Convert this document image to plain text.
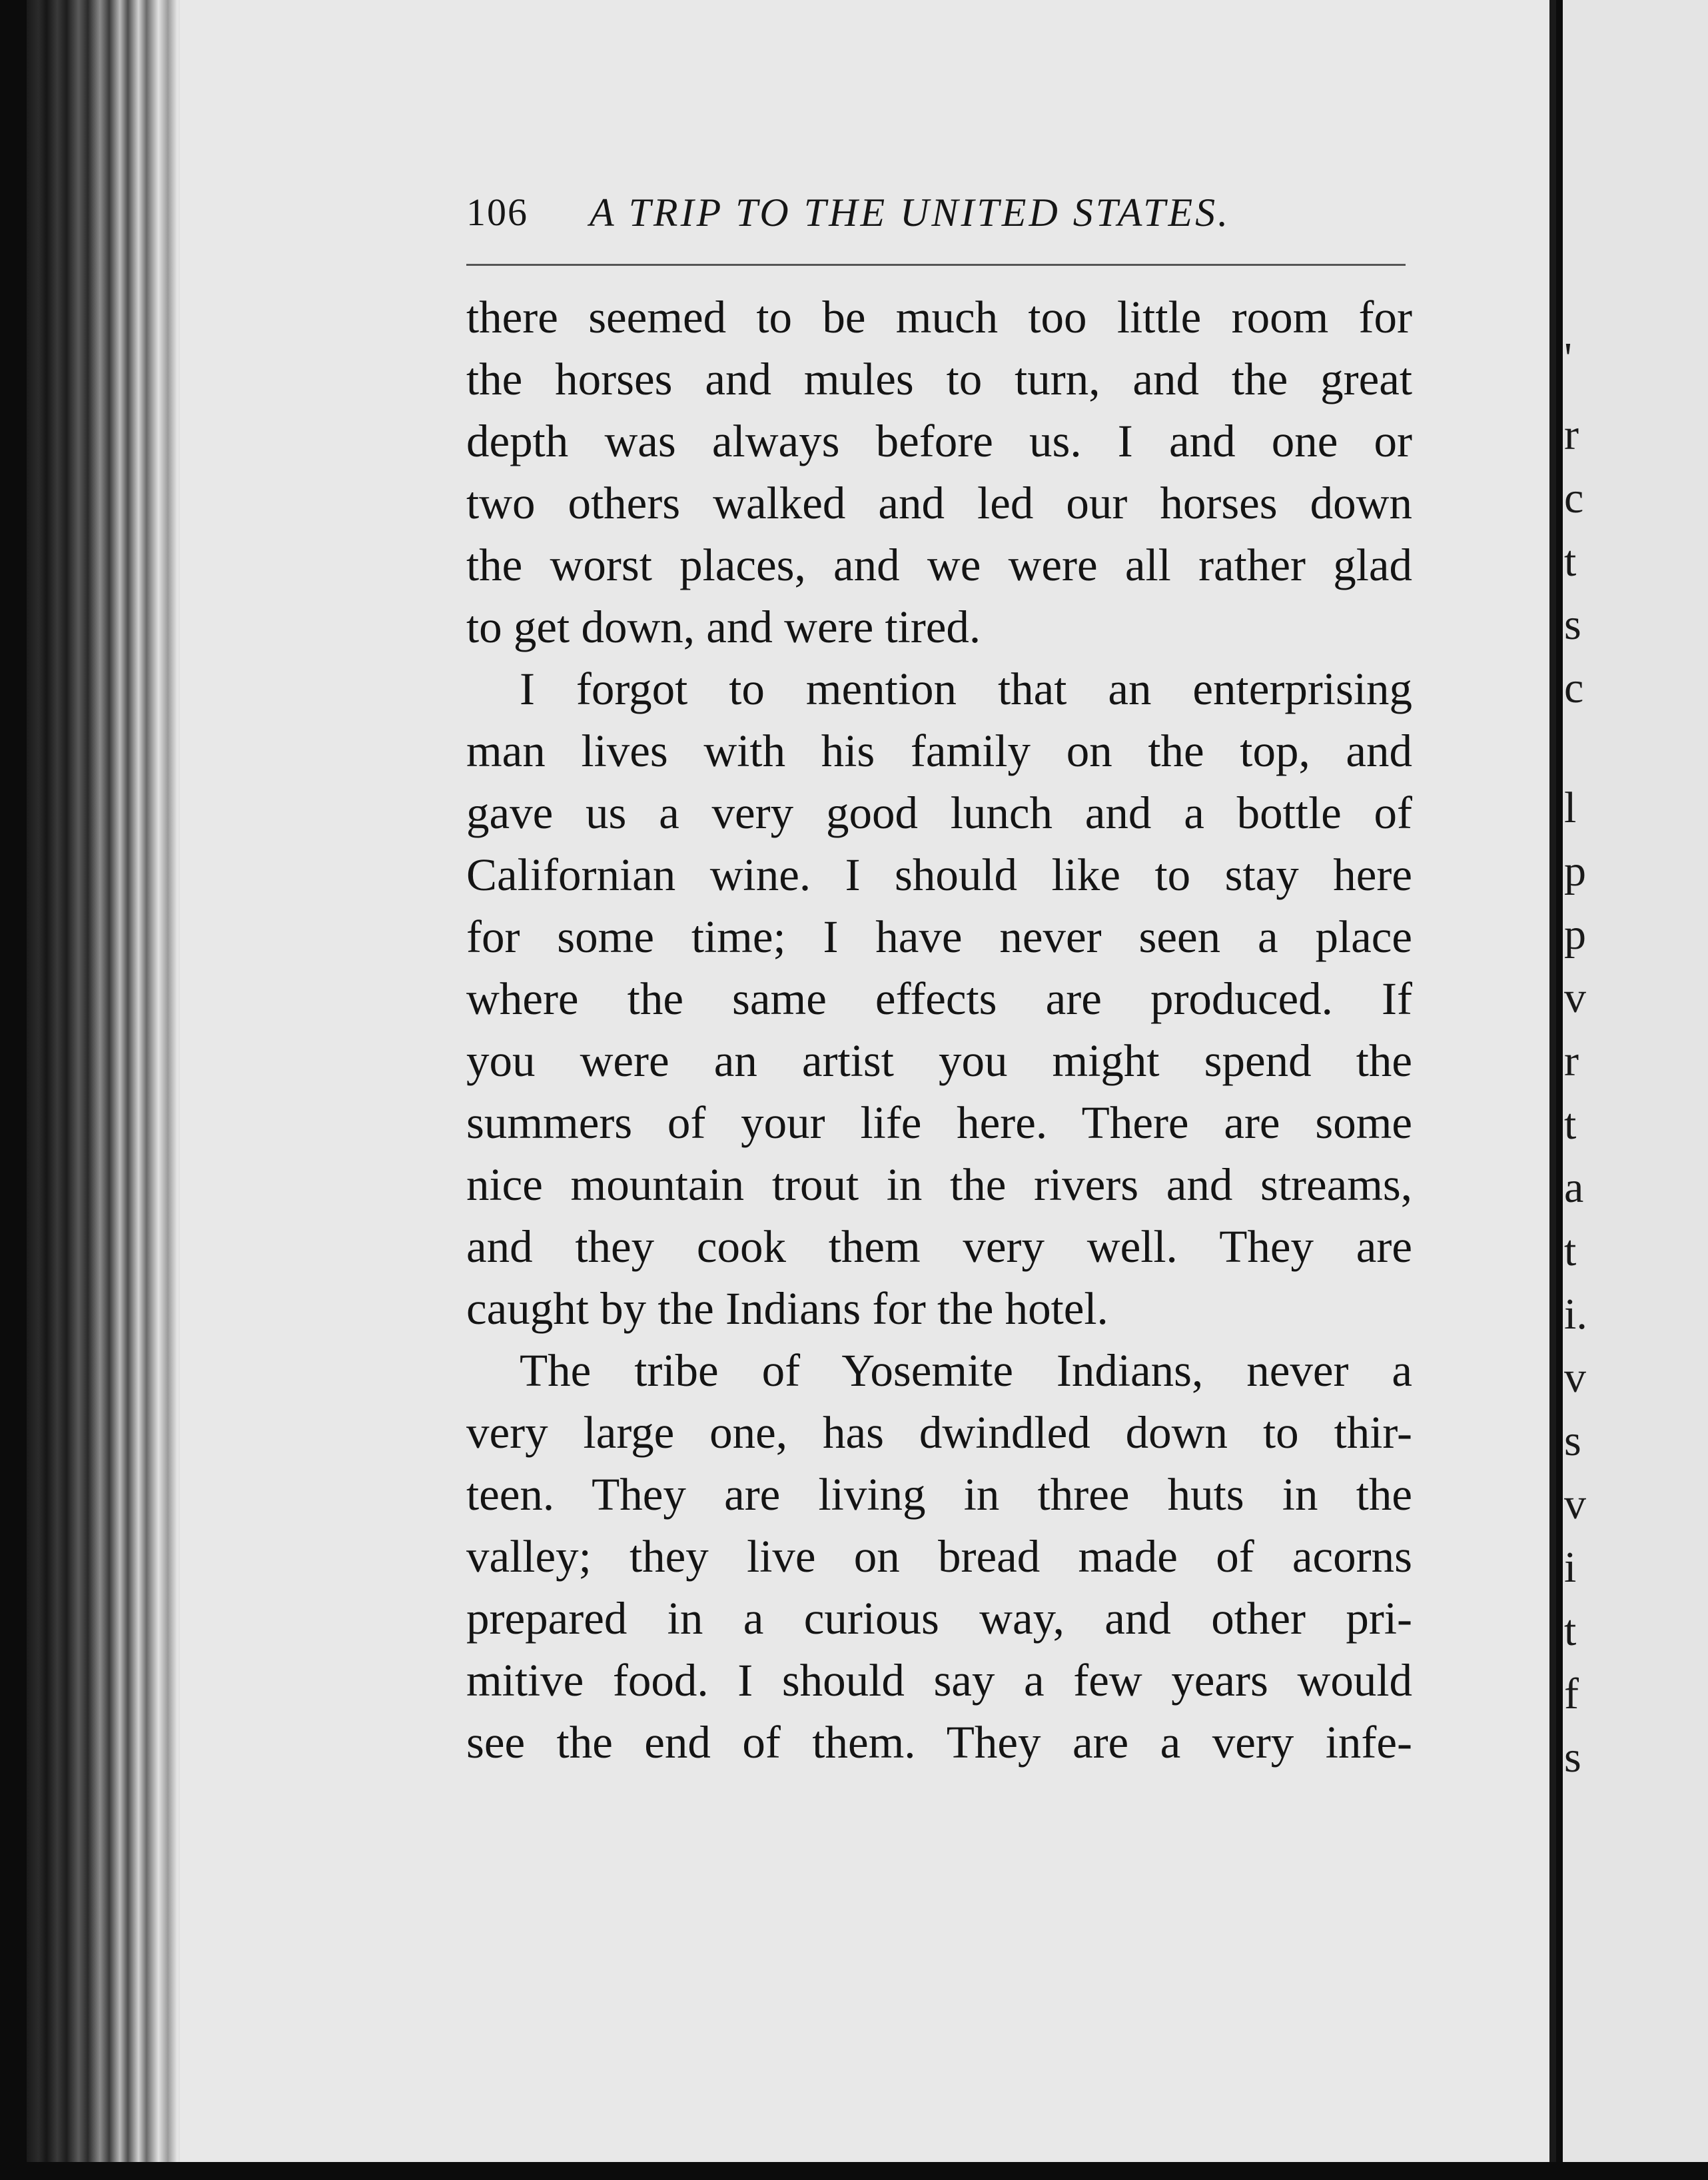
106 A TRIP TO THE UNITED STATES.
there seemed to be much too little room for
the horses and mules to turn, and the great
depth was always before us. I and one or
two others walked and led our horses down
the worst places, and we were all rather glad
to get down, and were tired.
I forgot to mention that an enterprising
man lives with his family on the top, and
gave us a very good lunch and a bottle of
Californian wine. I should like to stay here
for some time; I have never seen a place
where the same effects are produced. If
you were an artist you might spend the
summers of your life here. There are some
nice mountain trout in the rivers and streams,
and they cook them very well. They are
caught by the Indians for the hotel.
The tribe of Yosemite Indians, never a
very large one, has dwindled down to thir-
teen. They are living in three huts in the
valley; they live on bread made of acorns
prepared in a curious way, and other pri-
mitive food. I should say a few years would
see the end of them. They are a very infe-
'
r
c
t
s
c
l
p
p
v
r
t
a
t
i.
v
s
v
i
t
f
s
